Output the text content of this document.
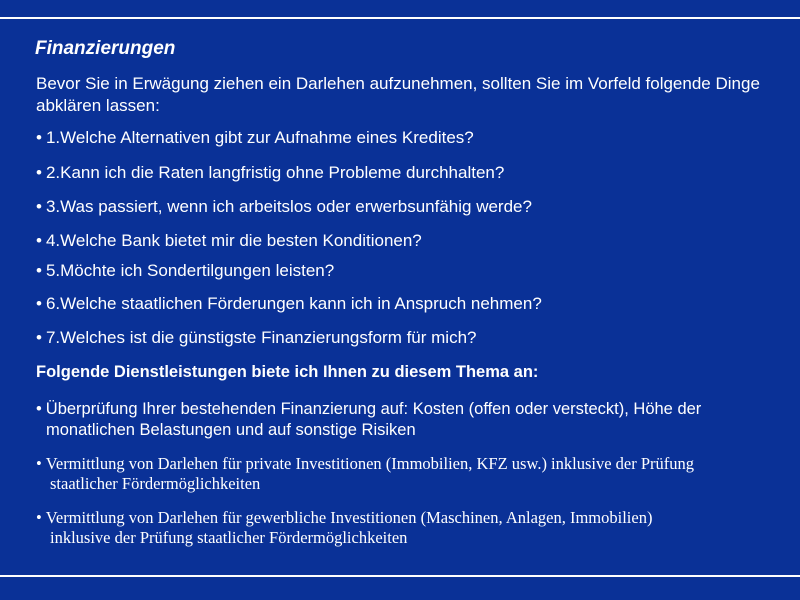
Finanzierungen
Bevor Sie in Erwägung ziehen ein Darlehen aufzunehmen, sollten Sie im Vorfeld folgende Dinge abklären lassen:
• 1.Welche Alternativen gibt zur Aufnahme eines Kredites?
• 2.Kann ich die Raten langfristig ohne Probleme durchhalten?
• 3.Was passiert, wenn ich arbeitslos oder erwerbsunfähig werde?
• 4.Welche Bank bietet mir die besten Konditionen?
• 5.Möchte ich Sondertilgungen leisten?
• 6.Welche staatlichen Förderungen kann ich in Anspruch nehmen?
• 7.Welches ist die günstigste Finanzierungsform für mich?
Folgende Dienstleistungen biete ich Ihnen zu diesem Thema an:
• Überprüfung Ihrer bestehenden Finanzierung auf: Kosten (offen oder versteckt), Höhe der
monatlichen Belastungen und auf sonstige Risiken
• Vermittlung von Darlehen für private Investitionen (Immobilien, KFZ usw.) inklusive der Prüfung
staatlicher Fördermöglichkeiten
• Vermittlung von Darlehen für gewerbliche Investitionen (Maschinen, Anlagen, Immobilien)
inklusive der Prüfung staatlicher Fördermöglichkeiten
